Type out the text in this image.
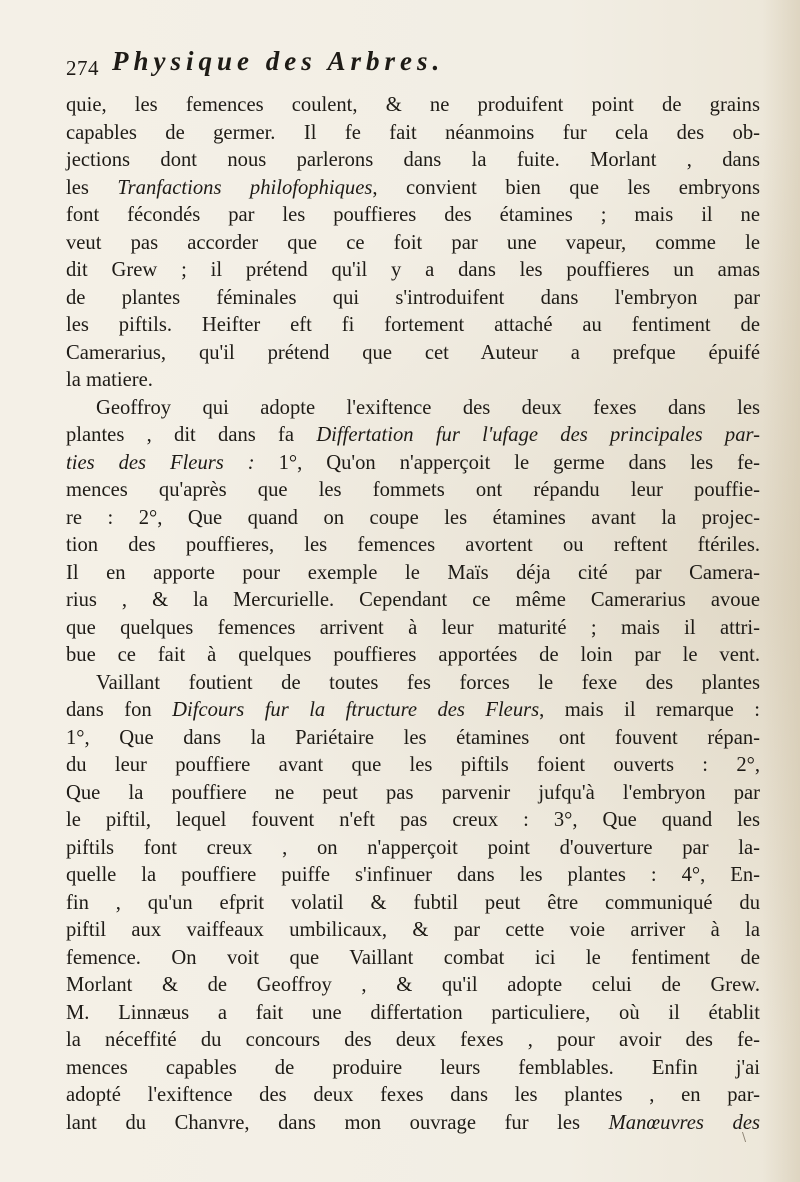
274 Physique des Arbres.
quie, les femences coulent, & ne produifent point de grains
capables de germer. Il fe fait néanmoins fur cela des ob-
jections dont nous parlerons dans la fuite. Morlant , dans
les Tranfactions philofophiques, convient bien que les embryons
font fécondés par les pouffieres des étamines ; mais il ne
veut pas accorder que ce foit par une vapeur, comme le
dit Grew ; il prétend qu'il y a dans les pouffieres un amas
de plantes féminales qui s'introduifent dans l'embryon par
les piftils. Heifter eft fi fortement attaché au fentiment de
Camerarius, qu'il prétend que cet Auteur a prefque épuifé
la matiere.
Geoffroy qui adopte l'exiftence des deux fexes dans les
plantes , dit dans fa Differtation fur l'ufage des principales par-
ties des Fleurs : 1°, Qu'on n'apperçoit le germe dans les fe-
mences qu'après que les fommets ont répandu leur pouffie-
re : 2°, Que quand on coupe les étamines avant la projec-
tion des pouffieres, les femences avortent ou reftent ftériles.
Il en apporte pour exemple le Maïs déja cité par Camera-
rius , & la Mercurielle. Cependant ce même Camerarius avoue
que quelques femences arrivent à leur maturité ; mais il attri-
bue ce fait à quelques pouffieres apportées de loin par le vent.
Vaillant foutient de toutes fes forces le fexe des plantes
dans fon Difcours fur la ftructure des Fleurs, mais il remarque :
1°, Que dans la Pariétaire les étamines ont fouvent répan-
du leur pouffiere avant que les piftils foient ouverts : 2°,
Que la pouffiere ne peut pas parvenir jufqu'à l'embryon par
le piftil, lequel fouvent n'eft pas creux : 3°, Que quand les
piftils font creux , on n'apperçoit point d'ouverture par la-
quelle la pouffiere puiffe s'infinuer dans les plantes : 4°, En-
fin , qu'un efprit volatil & fubtil peut être communiqué du
piftil aux vaiffeaux umbilicaux, & par cette voie arriver à la
femence. On voit que Vaillant combat ici le fentiment de
Morlant & de Geoffroy , & qu'il adopte celui de Grew.
M. Linnæus a fait une differtation particuliere, où il établit
la néceffité du concours des deux fexes , pour avoir des fe-
mences capables de produire leurs femblables. Enfin j'ai
adopté l'exiftence des deux fexes dans les plantes , en par-
lant du Chanvre, dans mon ouvrage fur les Manœuvres des
\
